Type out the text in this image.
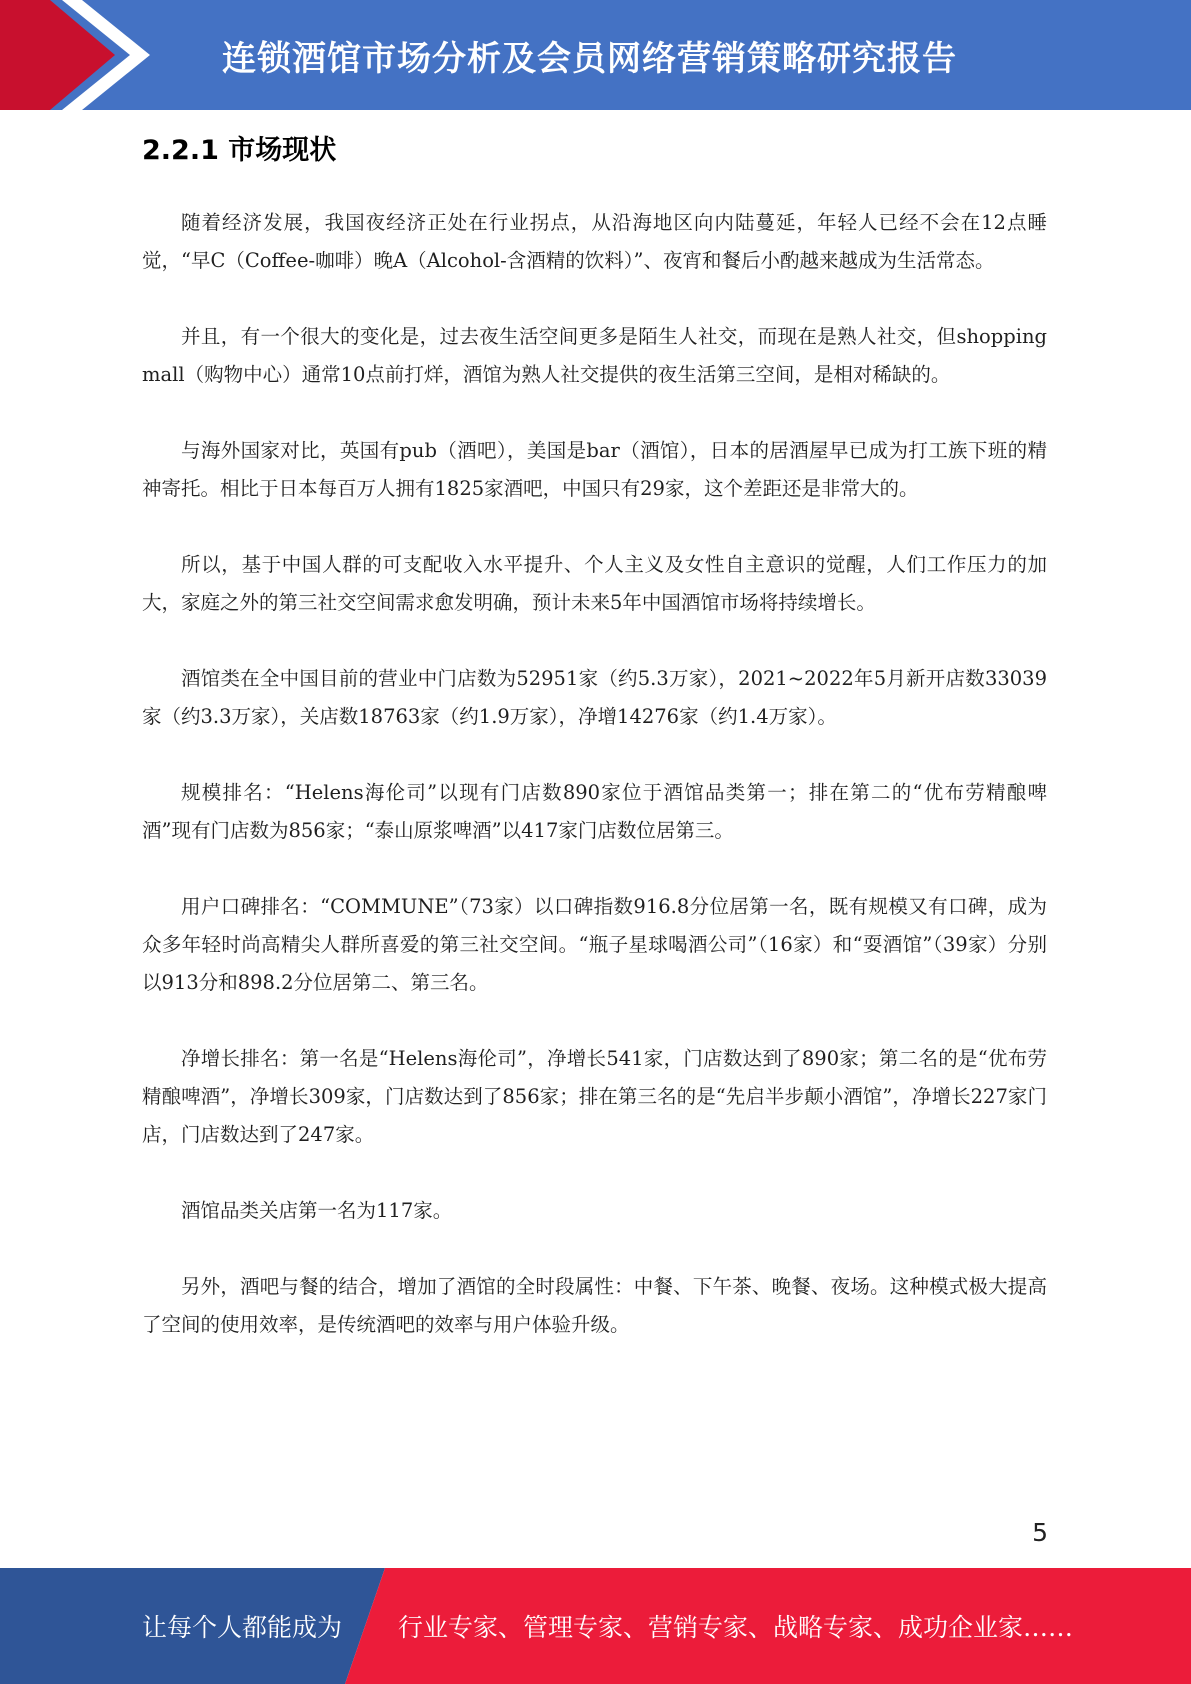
连锁酒馆市场分析及会员网络营销策略研究报告
2.2.1 市场现状

随着经济发展，我国夜经济正处在行业拐点，从沿海地区向内陆蔓延，年轻人已经不会在12点睡觉，“早C（Coffee-咖啡）晚A（Alcohol-含酒精的饮料）”、夜宵和餐后小酌越来越成为生活常态。

并且，有一个很大的变化是，过去夜生活空间更多是陌生人社交，而现在是熟人社交，但shopping mall（购物中心）通常10点前打烊，酒馆为熟人社交提供的夜生活第三空间，是相对稀缺的。

与海外国家对比，英国有pub（酒吧），美国是bar（酒馆），日本的居酒屋早已成为打工族下班的精神寄托。相比于日本每百万人拥有1825家酒吧，中国只有29家，这个差距还是非常大的。

所以，基于中国人群的可支配收入水平提升、个人主义及女性自主意识的觉醒，人们工作压力的加大，家庭之外的第三社交空间需求愈发明确，预计未来5年中国酒馆市场将持续增长。

酒馆类在全中国目前的营业中门店数为52951家（约5.3万家），2021~2022年5月新开店数33039家（约3.3万家），关店数18763家（约1.9万家），净增14276家（约1.4万家）。

规模排名：“Helens海伦司”以现有门店数890家位于酒馆品类第一；排在第二的“优布劳精酿啤酒”现有门店数为856家；“泰山原浆啤酒”以417家门店数位居第三。

用户口碑排名：“COMMUNE”（73家）以口碑指数916.8分位居第一名，既有规模又有口碑，成为众多年轻时尚高精尖人群所喜爱的第三社交空间。“瓶子星球喝酒公司”（16家）和“耍酒馆”（39家）分别以913分和898.2分位居第二、第三名。

净增长排名：第一名是“Helens海伦司”，净增长541家，门店数达到了890家；第二名的是“优布劳精酿啤酒”，净增长309家，门店数达到了856家；排在第三名的是“先启半步颠小酒馆”，净增长227家门店，门店数达到了247家。

酒馆品类关店第一名为117家。

另外，酒吧与餐的结合，增加了酒馆的全时段属性：中餐、下午茶、晚餐、夜场。这种模式极大提高了空间的使用效率，是传统酒吧的效率与用户体验升级。

5
让每个人都能成为 行业专家、管理专家、营销专家、战略专家、成功企业家……
